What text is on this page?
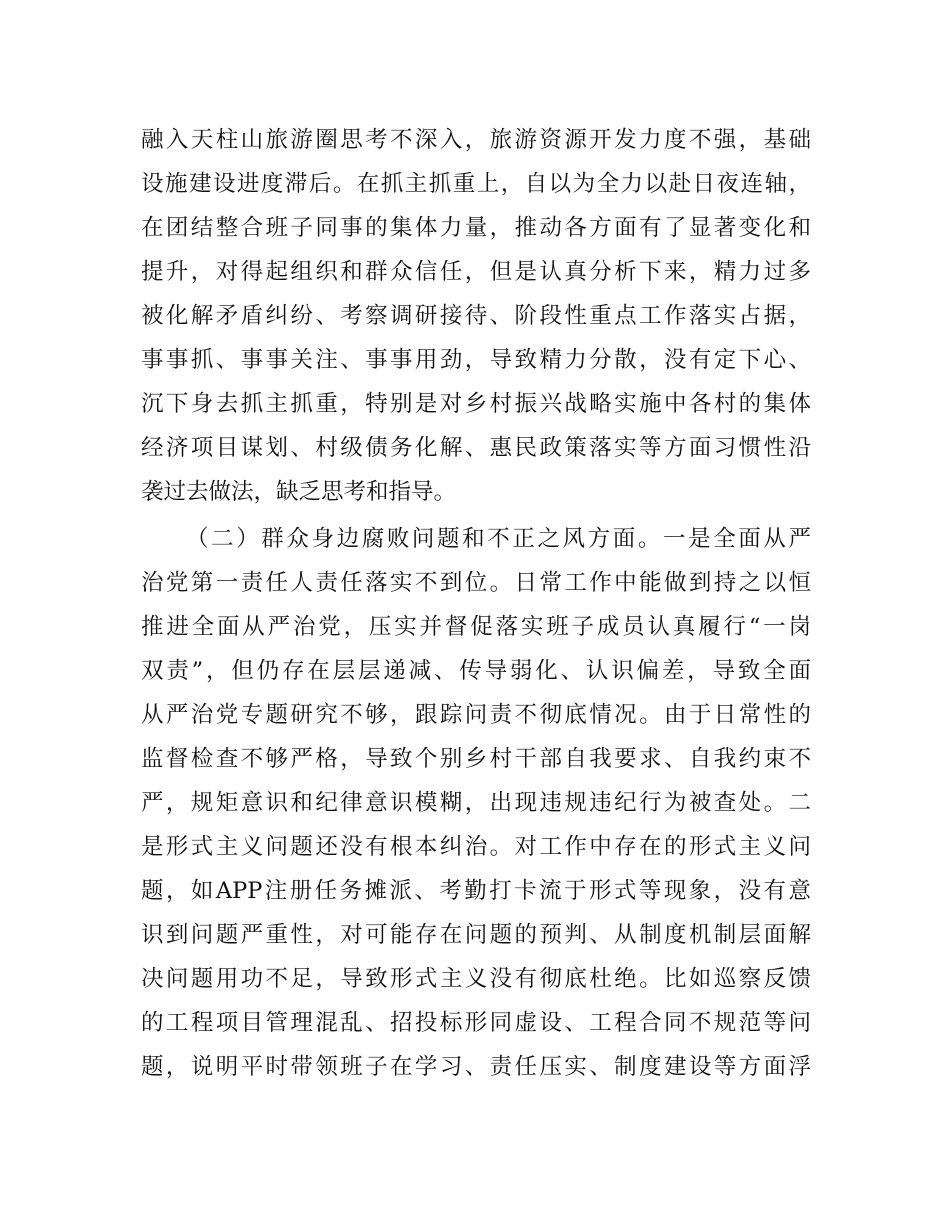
融入天柱山旅游圈思考不深入，旅游资源开发力度不强，基础
设施建设进度滞后。在抓主抓重上，自以为全力以赴日夜连轴，
在团结整合班子同事的集体力量，推动各方面有了显著变化和
提升，对得起组织和群众信任，但是认真分析下来，精力过多
被化解矛盾纠纷、考察调研接待、阶段性重点工作落实占据，
事事抓、事事关注、事事用劲，导致精力分散，没有定下心、
沉下身去抓主抓重，特别是对乡村振兴战略实施中各村的集体
经济项目谋划、村级债务化解、惠民政策落实等方面习惯性沿
袭过去做法，缺乏思考和指导。
（二）群众身边腐败问题和不正之风方面。一是全面从严
治党第一责任人责任落实不到位。日常工作中能做到持之以恒
推进全面从严治党，压实并督促落实班子成员认真履行“一岗
双责”，但仍存在层层递减、传导弱化、认识偏差，导致全面
从严治党专题研究不够，跟踪问责不彻底情况。由于日常性的
监督检查不够严格，导致个别乡村干部自我要求、自我约束不
严，规矩意识和纪律意识模糊，出现违规违纪行为被查处。二
是形式主义问题还没有根本纠治。对工作中存在的形式主义问
题，如APP注册任务摊派、考勤打卡流于形式等现象，没有意
识到问题严重性，对可能存在问题的预判、从制度机制层面解
决问题用功不足，导致形式主义没有彻底杜绝。比如巡察反馈
的工程项目管理混乱、招投标形同虚设、工程合同不规范等问
题，说明平时带领班子在学习、责任压实、制度建设等方面浮
